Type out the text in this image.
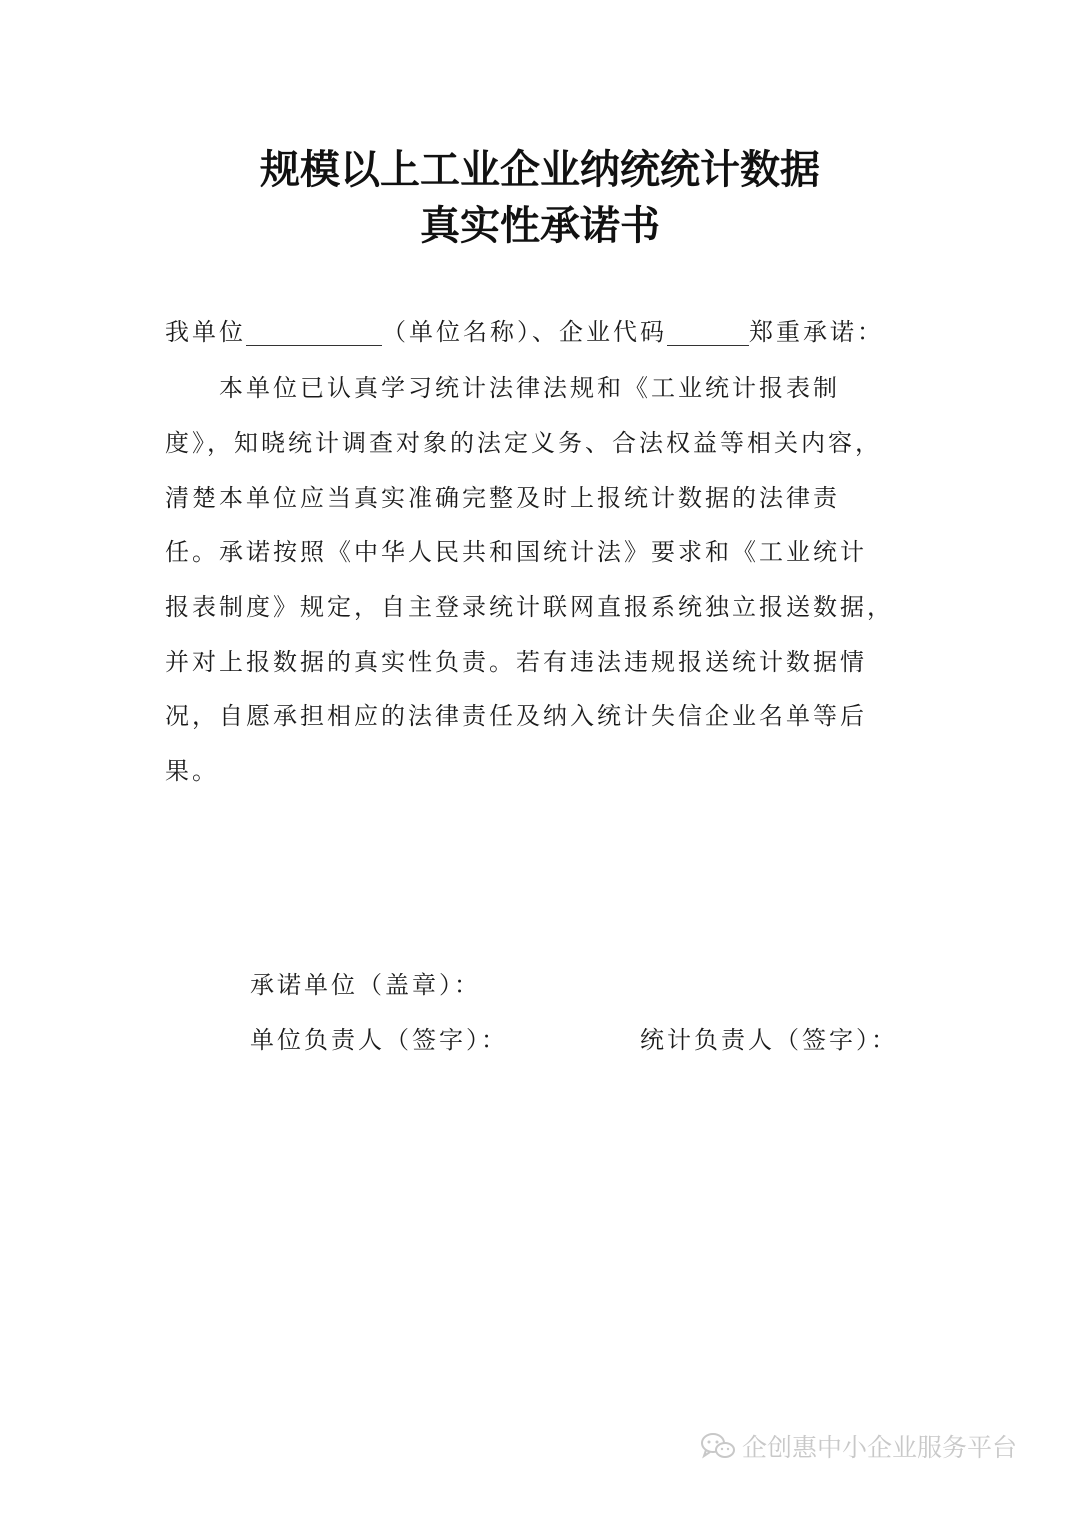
规模以上工业企业纳统统计数据
真实性承诺书
我单位	（单位名称）、企业代码	郑重承诺：
　　本单位已认真学习统计法律法规和《工业统计报表制
度》，知晓统计调查对象的法定义务、合法权益等相关内容，
清楚本单位应当真实准确完整及时上报统计数据的法律责
任。承诺按照《中华人民共和国统计法》要求和《工业统计
报表制度》规定，自主登录统计联网直报系统独立报送数据，
并对上报数据的真实性负责。若有违法违规报送统计数据情
况，自愿承担相应的法律责任及纳入统计失信企业名单等后
果。
承诺单位（盖章）：
单位负责人（签字）：	统计负责人（签字）：
企创惠中小企业服务平台
